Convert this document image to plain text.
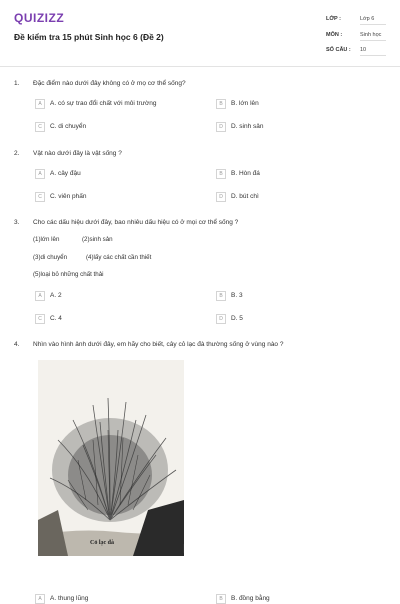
QUIZIZZ
Đề kiểm tra 15 phút Sinh học 6 (Đề 2)
LỚP :	Lớp 6
MÔN :	Sinh học
SỐ CÂU : 10
1. Đặc điểm nào dưới đây không có ở mọ cơ thể sống?
A	A. có sự trao đổi chất với môi trường	B	B. lớn lên
C	C. di chuyển	D	D. sinh sản
2. Vật nào dưới đây là vật sống ?
A	A. cây đậu	B	B. Hòn đá
C	C. viên phấn	D	D. bút chì
3. Cho các dấu hiệu dưới đây, bao nhiêu dấu hiệu có ở mọi cơ thể sống ?
(1)lớn lên	(2)sinh sản
(3)di chuyển	(4)lấy các chất cần thiết
(5)loại bỏ những chất thải
A	A. 2	B	B. 3
C	C. 4	D	D. 5
4. Nhìn vào hình ảnh dưới đây, em hãy cho biết, cây cỏ lạc đà thường sống ở vùng nào ?
Cỏ lạc đà
A	A. thung lũng	B	B. đồng bằng
